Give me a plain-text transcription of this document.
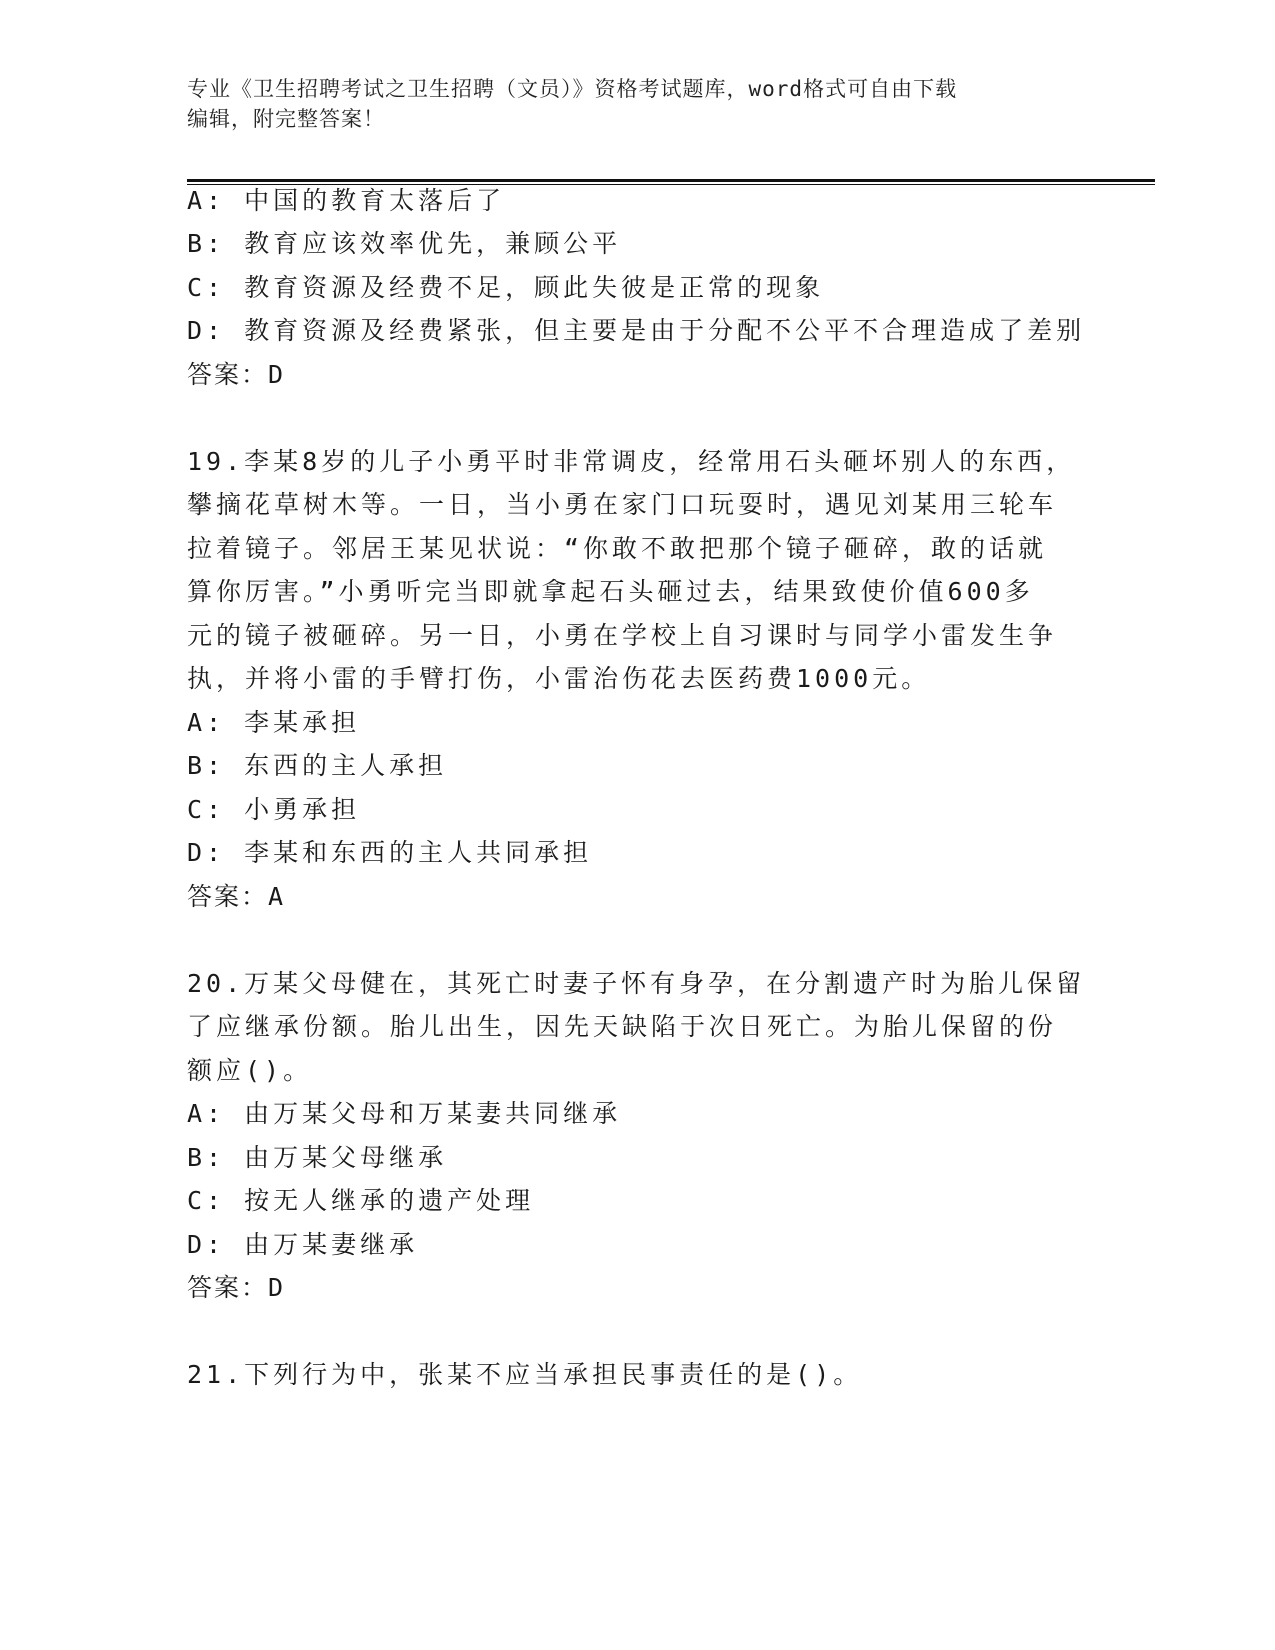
专业《卫生招聘考试之卫生招聘（文员）》资格考试题库，word格式可自由下载
编辑，附完整答案！
A: 中国的教育太落后了
B: 教育应该效率优先，兼顾公平
C: 教育资源及经费不足，顾此失彼是正常的现象
D: 教育资源及经费紧张，但主要是由于分配不公平不合理造成了差别
答案：D
19.李某8岁的儿子小勇平时非常调皮，经常用石头砸坏别人的东西，
攀摘花草树木等。一日，当小勇在家门口玩耍时，遇见刘某用三轮车
拉着镜子。邻居王某见状说：“你敢不敢把那个镜子砸碎，敢的话就
算你厉害。”小勇听完当即就拿起石头砸过去，结果致使价值600多
元的镜子被砸碎。另一日，小勇在学校上自习课时与同学小雷发生争
执，并将小雷的手臂打伤，小雷治伤花去医药费1000元。
A: 李某承担
B: 东西的主人承担
C: 小勇承担
D: 李某和东西的主人共同承担
答案：A
20.万某父母健在，其死亡时妻子怀有身孕，在分割遗产时为胎儿保留
了应继承份额。胎儿出生，因先天缺陷于次日死亡。为胎儿保留的份
额应()。
A: 由万某父母和万某妻共同继承
B: 由万某父母继承
C: 按无人继承的遗产处理
D: 由万某妻继承
答案：D
21.下列行为中，张某不应当承担民事责任的是()。
